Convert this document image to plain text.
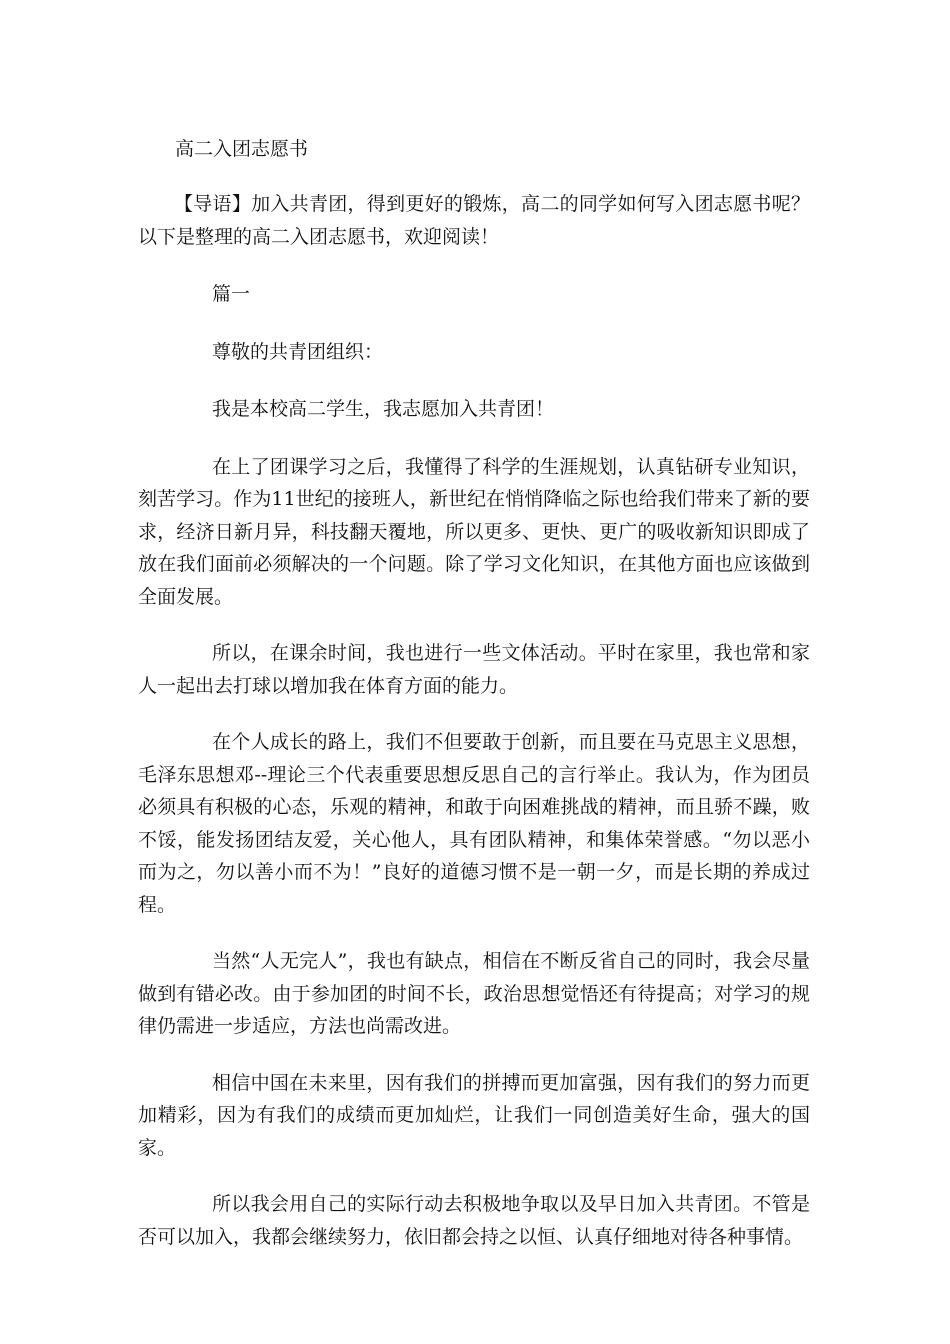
高二入团志愿书
【导语】加入共青团，得到更好的锻炼，高二的同学如何写入团志愿书呢？以下是整理的高二入团志愿书，欢迎阅读！

篇一

尊敬的共青团组织：

我是本校高二学生，我志愿加入共青团！

在上了团课学习之后，我懂得了科学的生涯规划，认真钻研专业知识，刻苦学习。作为11世纪的接班人，新世纪在悄悄降临之际也给我们带来了新的要求，经济日新月异，科技翻天覆地，所以更多、更快、更广的吸收新知识即成了放在我们面前必须解决的一个问题。除了学习文化知识，在其他方面也应该做到全面发展。

所以，在课余时间，我也进行一些文体活动。平时在家里，我也常和家人一起出去打球以增加我在体育方面的能力。

在个人成长的路上，我们不但要敢于创新，而且要在马克思主义思想，毛泽东思想邓--理论三个代表重要思想反思自己的言行举止。我认为，作为团员必须具有积极的心态，乐观的精神，和敢于向困难挑战的精神，而且骄不躁，败不馁，能发扬团结友爱，关心他人，具有团队精神，和集体荣誉感。“勿以恶小而为之，勿以善小而不为！”良好的道德习惯不是一朝一夕，而是长期的养成过程。

当然“人无完人”，我也有缺点，相信在不断反省自己的同时，我会尽量做到有错必改。由于参加团的时间不长，政治思想觉悟还有待提高；对学习的规律仍需进一步适应，方法也尚需改进。

相信中国在未来里，因有我们的拼搏而更加富强，因有我们的努力而更加精彩，因为有我们的成绩而更加灿烂，让我们一同创造美好生命，强大的国家。

所以我会用自己的实际行动去积极地争取以及早日加入共青团。不管是否可以加入，我都会继续努力，依旧都会持之以恒、认真仔细地对待各种事情。
